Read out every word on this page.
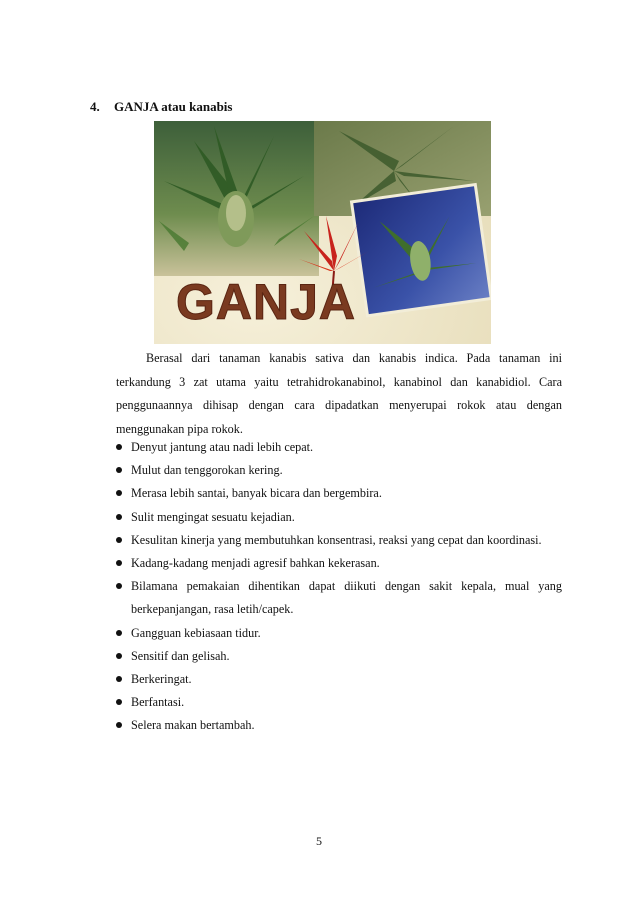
4. GANJA atau kanabis
GANJA

Berasal dari tanaman kanabis sativa dan kanabis indica. Pada tanaman ini terkandung 3 zat utama yaitu tetrahidrokanabinol, kanabinol dan kanabidiol. Cara penggunaannya dihisap dengan cara dipadatkan menyerupai rokok atau dengan menggunakan pipa rokok.

Denyut jantung atau nadi lebih cepat.
Mulut dan tenggorokan kering.
Merasa lebih santai, banyak bicara dan bergembira.
Sulit mengingat sesuatu kejadian.
Kesulitan kinerja yang membutuhkan konsentrasi, reaksi yang cepat dan koordinasi.
Kadang-kadang menjadi agresif bahkan kekerasan.
Bilamana pemakaian dihentikan dapat diikuti dengan sakit kepala, mual yang berkepanjangan, rasa letih/capek.
Gangguan kebiasaan tidur.
Sensitif dan gelisah.
Berkeringat.
Berfantasi.
Selera makan bertambah.
5
